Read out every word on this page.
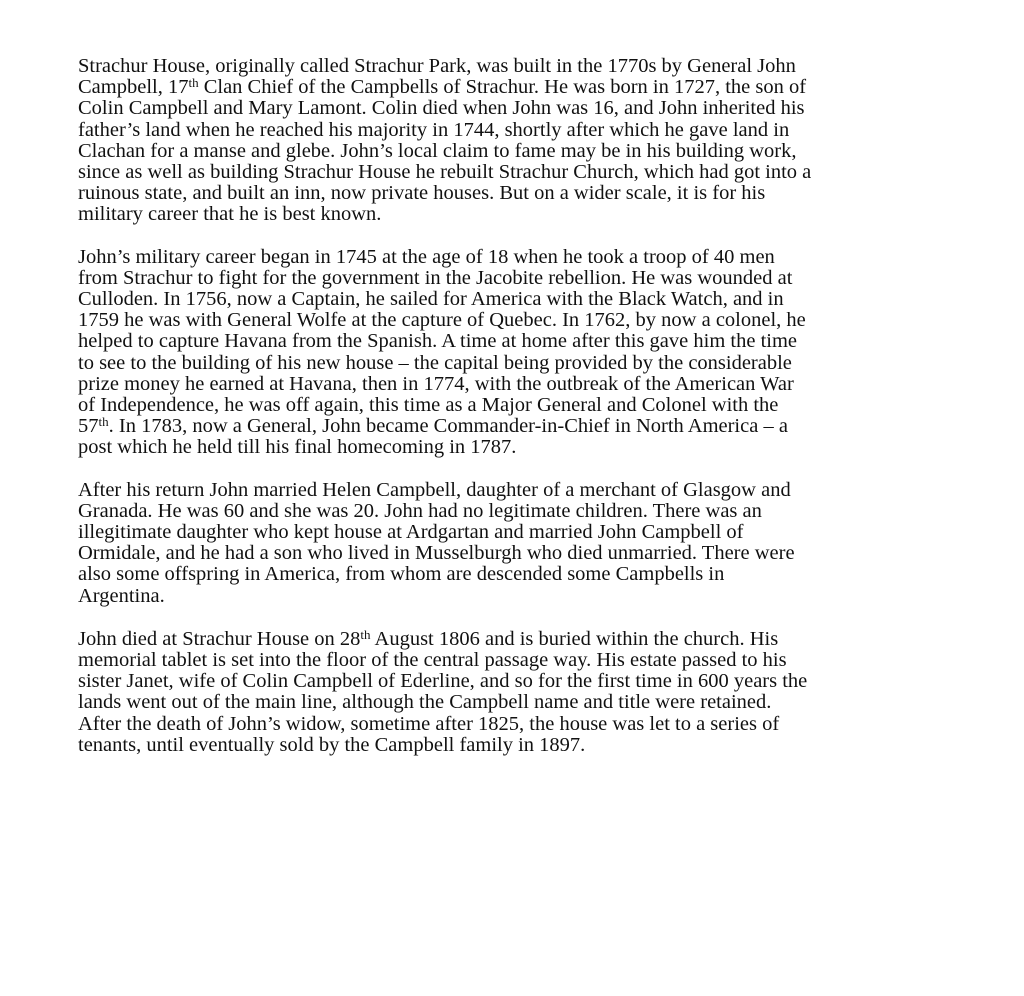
Strachur House, originally called Strachur Park, was built in the 1770s by General John
Campbell, 17th Clan Chief of the Campbells of Strachur. He was born in 1727, the son of
Colin Campbell and Mary Lamont. Colin died when John was 16, and John inherited his
father’s land when he reached his majority in 1744, shortly after which he gave land in
Clachan for a manse and glebe. John’s local claim to fame may be in his building work,
since as well as building Strachur House he rebuilt Strachur Church, which had got into a
ruinous state, and built an inn, now private houses. But on a wider scale, it is for his
military career that he is best known.
John’s military career began in 1745 at the age of 18 when he took a troop of 40 men
from Strachur to fight for the government in the Jacobite rebellion. He was wounded at
Culloden. In 1756, now a Captain, he sailed for America with the Black Watch, and in
1759 he was with General Wolfe at the capture of Quebec. In 1762, by now a colonel, he
helped to capture Havana from the Spanish. A time at home after this gave him the time
to see to the building of his new house – the capital being provided by the considerable
prize money he earned at Havana, then in 1774, with the outbreak of the American War
of Independence, he was off again, this time as a Major General and Colonel with the
57th. In 1783, now a General, John became Commander-in-Chief in North America – a
post which he held till his final homecoming in 1787.
After his return John married Helen Campbell, daughter of a merchant of Glasgow and
Granada. He was 60 and she was 20. John had no legitimate children. There was an
illegitimate daughter who kept house at Ardgartan and married John Campbell of
Ormidale, and he had a son who lived in Musselburgh who died unmarried. There were
also some offspring in America, from whom are descended some Campbells in
Argentina.
John died at Strachur House on 28th August 1806 and is buried within the church. His
memorial tablet is set into the floor of the central passage way. His estate passed to his
sister Janet, wife of Colin Campbell of Ederline, and so for the first time in 600 years the
lands went out of the main line, although the Campbell name and title were retained.
After the death of John’s widow, sometime after 1825, the house was let to a series of
tenants, until eventually sold by the Campbell family in 1897.
